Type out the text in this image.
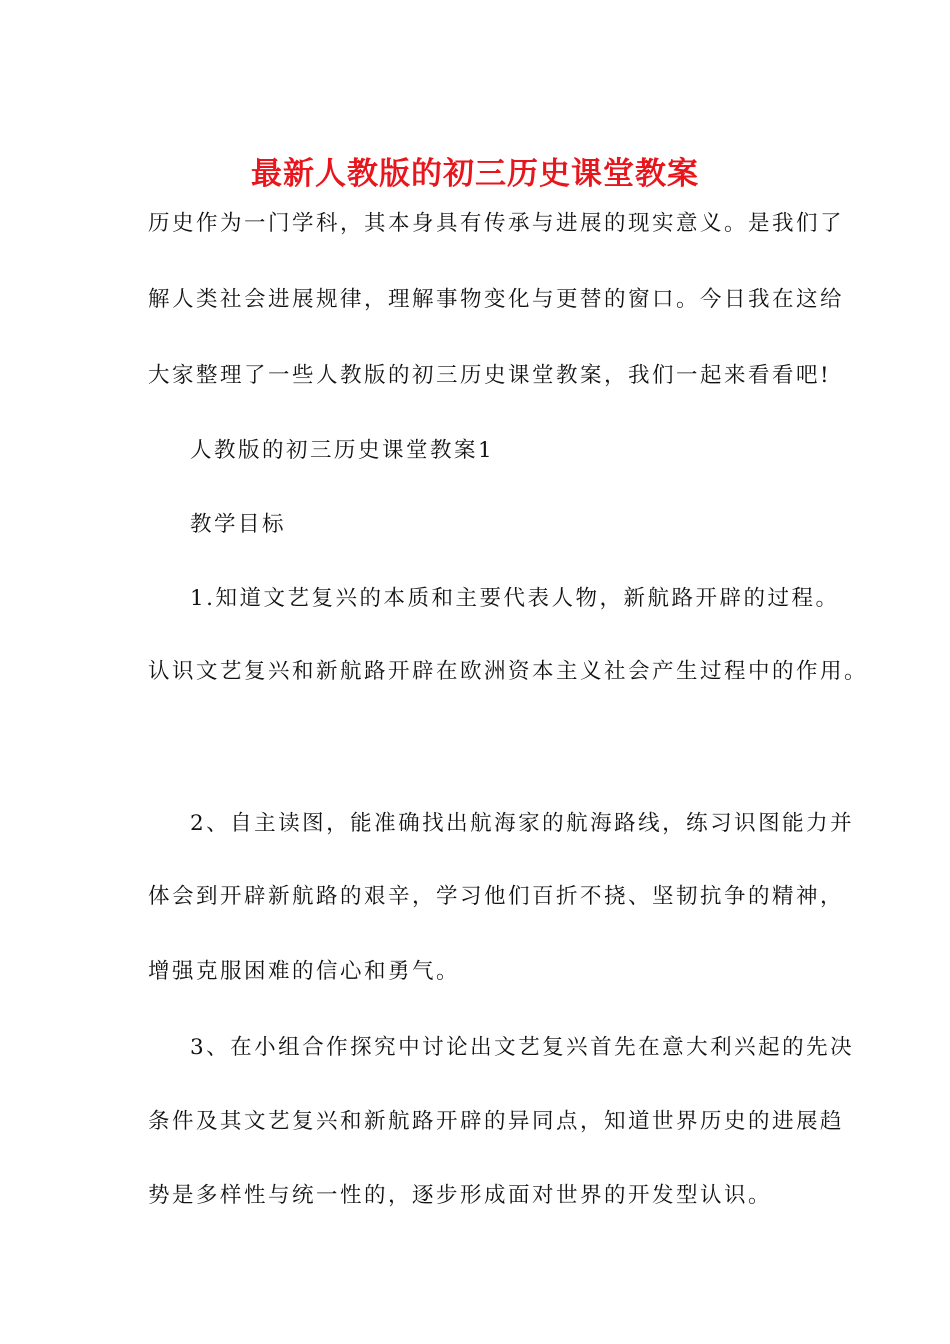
最新人教版的初三历史课堂教案

历史作为一门学科，其本身具有传承与进展的现实意义。是我们了

解人类社会进展规律，理解事物变化与更替的窗口。今日我在这给

大家整理了一些人教版的初三历史课堂教案，我们一起来看看吧!

人教版的初三历史课堂教案1

教学目标

1.知道文艺复兴的本质和主要代表人物，新航路开辟的过程。

认识文艺复兴和新航路开辟在欧洲资本主义社会产生过程中的作用。

2、自主读图，能准确找出航海家的航海路线，练习识图能力并

体会到开辟新航路的艰辛，学习他们百折不挠、坚韧抗争的精神，

增强克服困难的信心和勇气。

3、在小组合作探究中讨论出文艺复兴首先在意大利兴起的先决

条件及其文艺复兴和新航路开辟的异同点，知道世界历史的进展趋

势是多样性与统一性的，逐步形成面对世界的开发型认识。
